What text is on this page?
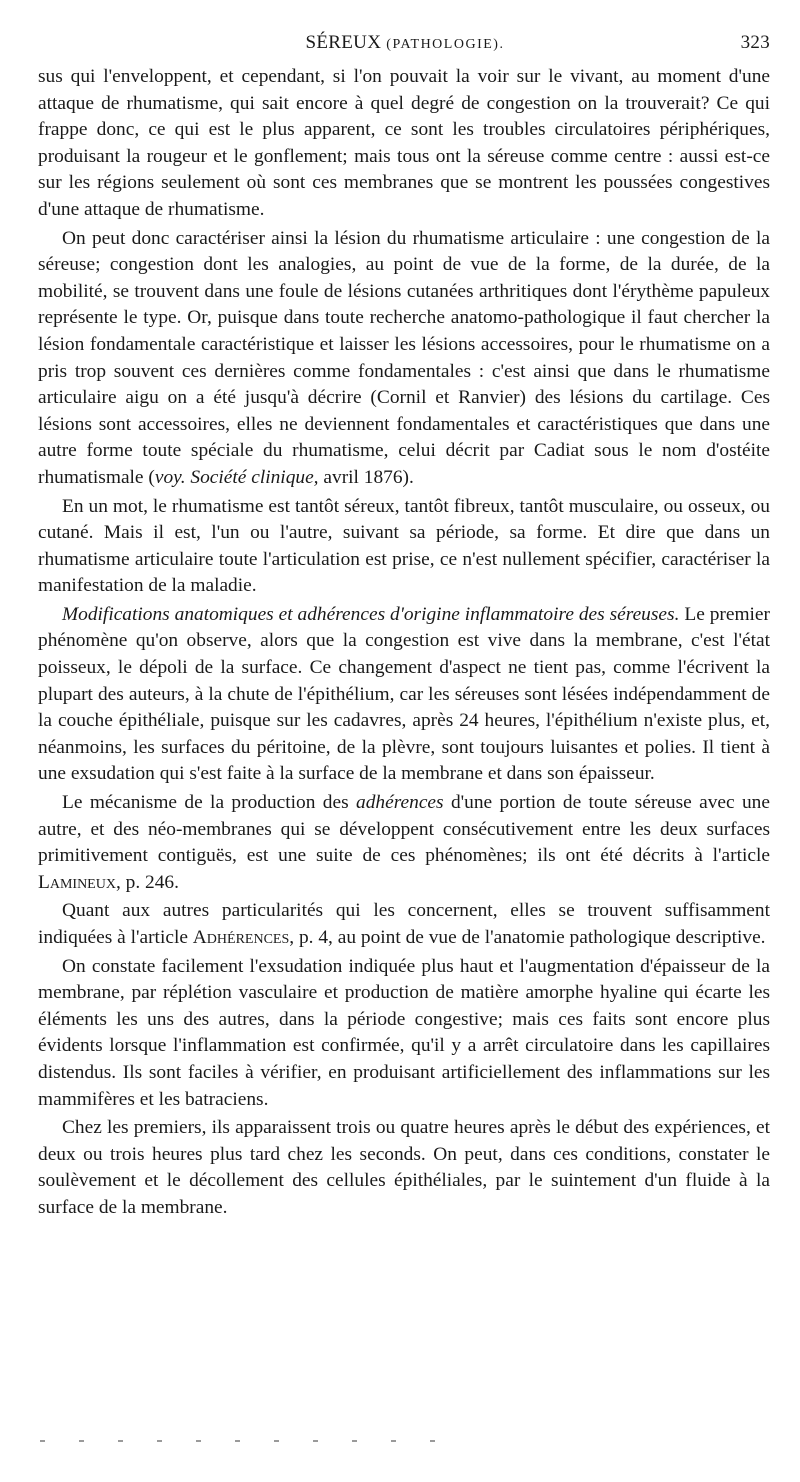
SÉREUX (PATHOLOGIE).	323

sus qui l'enveloppent, et cependant, si l'on pouvait la voir sur le vivant, au moment d'une attaque de rhumatisme, qui sait encore à quel degré de congestion on la trouverait? Ce qui frappe donc, ce qui est le plus apparent, ce sont les troubles circulatoires périphériques, produisant la rougeur et le gonflement; mais tous ont la séreuse comme centre : aussi est-ce sur les régions seulement où sont ces membranes que se montrent les poussées congestives d'une attaque de rhumatisme.

On peut donc caractériser ainsi la lésion du rhumatisme articulaire : une congestion de la séreuse; congestion dont les analogies, au point de vue de la forme, de la durée, de la mobilité, se trouvent dans une foule de lésions cutanées arthritiques dont l'érythème papuleux représente le type. Or, puisque dans toute recherche anatomo-pathologique il faut chercher la lésion fondamentale caractéristique et laisser les lésions accessoires, pour le rhumatisme on a pris trop souvent ces dernières comme fondamentales : c'est ainsi que dans le rhumatisme articulaire aigu on a été jusqu'à décrire (Cornil et Ranvier) des lésions du cartilage. Ces lésions sont accessoires, elles ne deviennent fondamentales et caractéristiques que dans une autre forme toute spéciale du rhumatisme, celui décrit par Cadiat sous le nom d'ostéite rhumatismale (voy. Société clinique, avril 1876).

En un mot, le rhumatisme est tantôt séreux, tantôt fibreux, tantôt musculaire, ou osseux, ou cutané. Mais il est, l'un ou l'autre, suivant sa période, sa forme. Et dire que dans un rhumatisme articulaire toute l'articulation est prise, ce n'est nullement spécifier, caractériser la manifestation de la maladie.

Modifications anatomiques et adhérences d'origine inflammatoire des séreuses. Le premier phénomène qu'on observe, alors que la congestion est vive dans la membrane, c'est l'état poisseux, le dépoli de la surface. Ce changement d'aspect ne tient pas, comme l'écrivent la plupart des auteurs, à la chute de l'épithélium, car les séreuses sont lésées indépendamment de la couche épithéliale, puisque sur les cadavres, après 24 heures, l'épithélium n'existe plus, et, néanmoins, les surfaces du péritoine, de la plèvre, sont toujours luisantes et polies. Il tient à une exsudation qui s'est faite à la surface de la membrane et dans son épaisseur.

Le mécanisme de la production des adhérences d'une portion de toute séreuse avec une autre, et des néo-membranes qui se développent consécutivement entre les deux surfaces primitivement contiguës, est une suite de ces phénomènes; ils ont été décrits à l'article Lamineux, p. 246.

Quant aux autres particularités qui les concernent, elles se trouvent suffisamment indiquées à l'article Adhérences, p. 4, au point de vue de l'anatomie pathologique descriptive.

On constate facilement l'exsudation indiquée plus haut et l'augmentation d'épaisseur de la membrane, par réplétion vasculaire et production de matière amorphe hyaline qui écarte les éléments les uns des autres, dans la période congestive; mais ces faits sont encore plus évidents lorsque l'inflammation est confirmée, qu'il y a arrêt circulatoire dans les capillaires distendus. Ils sont faciles à vérifier, en produisant artificiellement des inflammations sur les mammifères et les batraciens.

Chez les premiers, ils apparaissent trois ou quatre heures après le début des expériences, et deux ou trois heures plus tard chez les seconds. On peut, dans ces conditions, constater le soulèvement et le décollement des cellules épithéliales, par le suintement d'un fluide à la surface de la membrane.
